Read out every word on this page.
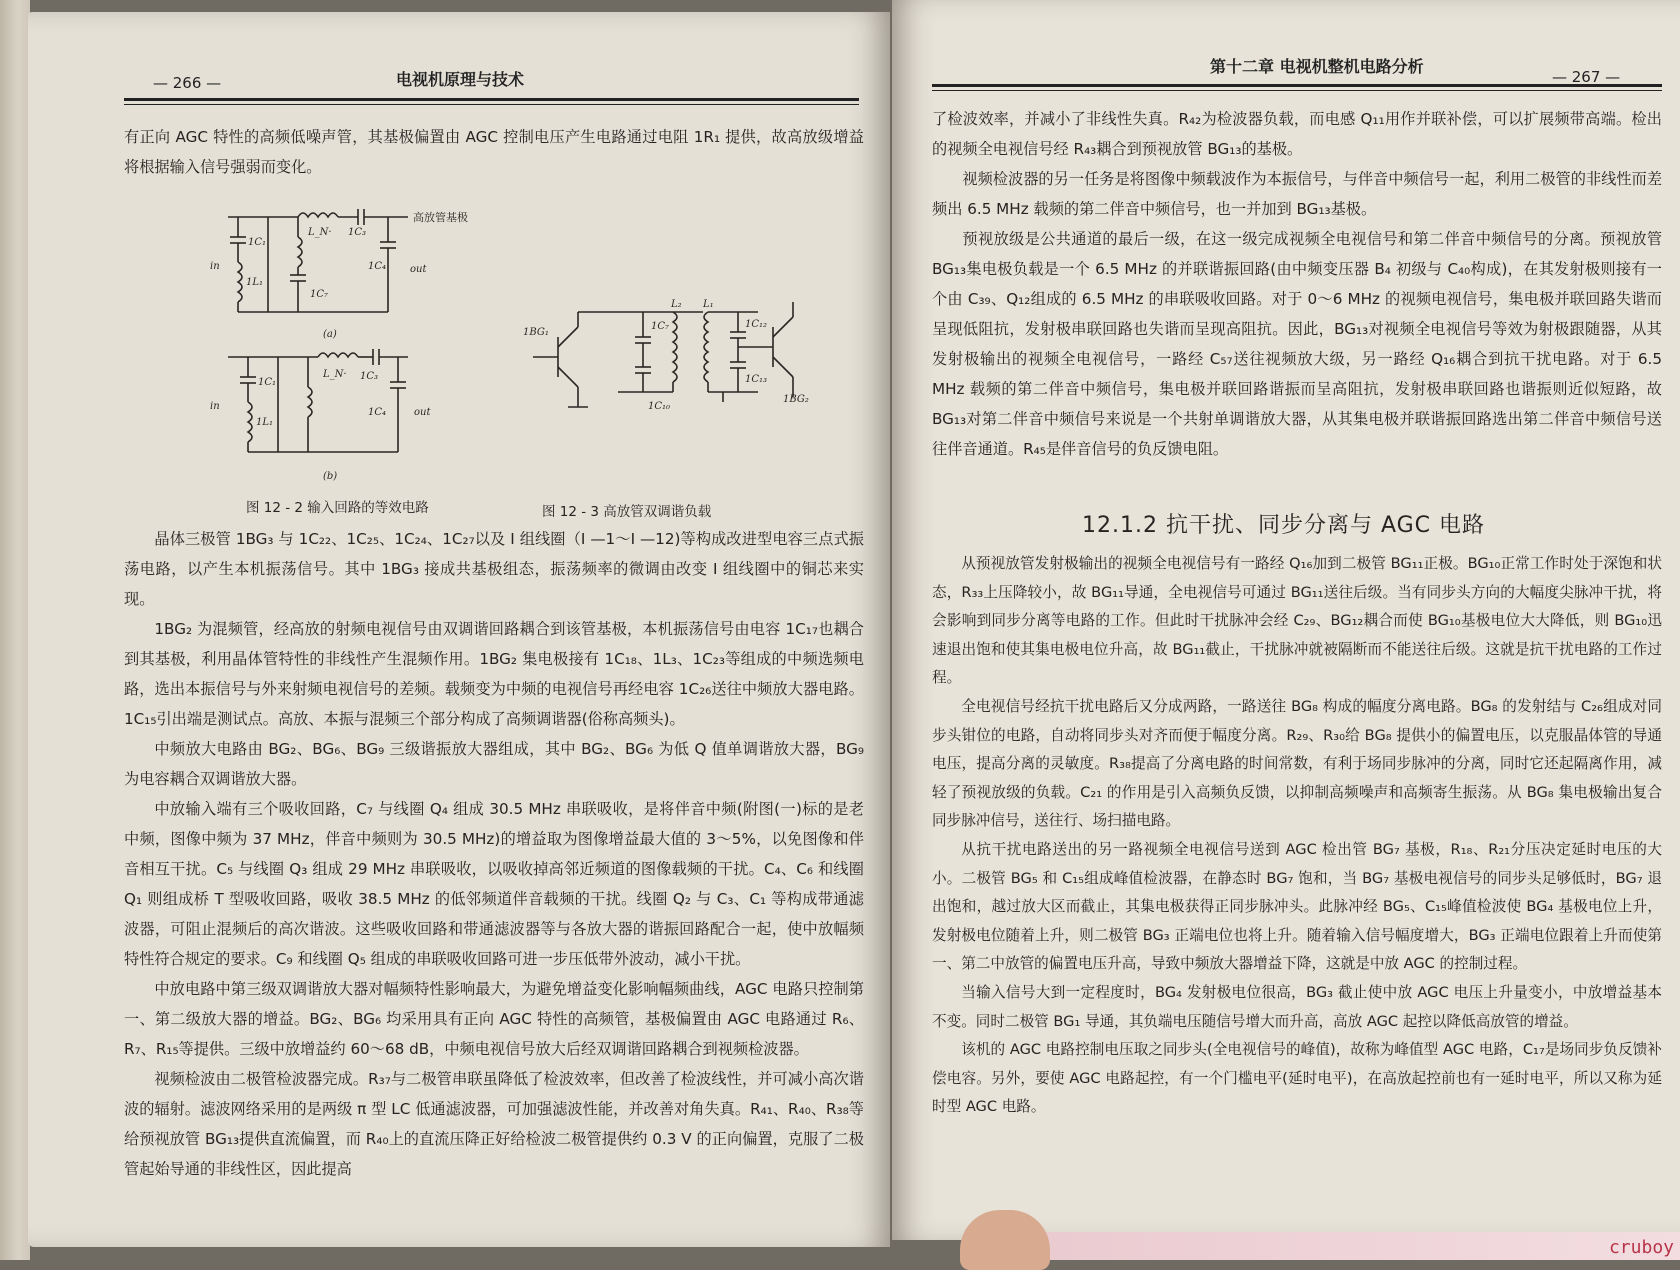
— 266 —	电视机原理与技术

有正向 AGC 特性的高频低噪声管，其基极偏置由 AGC 控制电压产生电路通过电阻 1R₁ 提供，故高放级增益将根据输入信号强弱而变化。

高放管基极
in	out
1C₁
1L₁
L_N· 1C₃
1C₄
1C₇
(a)
in
out
1C₁
1L₁
L_N· 1C₃
1C₄
(b)
1BG₁
1C₇
1C₁₀
L₂ L₁
1C₁₂
1C₁₃
1BG₂
图 12 - 2 输入回路的等效电路	图 12 - 3 高放管双调谐负载

晶体三极管 1BG₃ 与 1C₂₂、1C₂₅、1C₂₄、1C₂₇以及 I 组线圈（I —1～I —12)等构成改进型电容三点式振荡电路，以产生本机振荡信号。其中 1BG₃ 接成共基极组态，振荡频率的微调由改变 I 组线圈中的铜芯来实现。

1BG₂ 为混频管，经高放的射频电视信号由双调谐回路耦合到该管基极，本机振荡信号由电容 1C₁₇也耦合到其基极，利用晶体管特性的非线性产生混频作用。1BG₂ 集电极接有 1C₁₈、1L₃、1C₂₃等组成的中频选频电路，选出本振信号与外来射频电视信号的差频。载频变为中频的电视信号再经电容 1C₂₆送往中频放大器电路。1C₁₅引出端是测试点。高放、本振与混频三个部分构成了高频调谐器(俗称高频头)。

中频放大电路由 BG₂、BG₆、BG₉ 三级谐振放大器组成，其中 BG₂、BG₆ 为低 Q 值单调谐放大器，BG₉ 为电容耦合双调谐放大器。

中放输入端有三个吸收回路，C₇ 与线圈 Q₄ 组成 30.5 MHz 串联吸收，是将伴音中频(附图(一)标的是老中频，图像中频为 37 MHz，伴音中频则为 30.5 MHz)的增益取为图像增益最大值的 3～5%，以免图像和伴音相互干扰。C₅ 与线圈 Q₃ 组成 29 MHz 串联吸收，以吸收掉高邻近频道的图像载频的干扰。C₄、C₆ 和线圈 Q₁ 则组成桥 T 型吸收回路，吸收 38.5 MHz 的低邻频道伴音载频的干扰。线圈 Q₂ 与 C₃、C₁ 等构成带通滤波器，可阻止混频后的高次谐波。这些吸收回路和带通滤波器等与各放大器的谐振回路配合一起，使中放幅频特性符合规定的要求。C₉ 和线圈 Q₅ 组成的串联吸收回路可进一步压低带外波动，减小干扰。

中放电路中第三级双调谐放大器对幅频特性影响最大，为避免增益变化影响幅频曲线，AGC 电路只控制第一、第二级放大器的增益。BG₂、BG₆ 均采用具有正向 AGC 特性的高频管，基极偏置由 AGC 电路通过 R₆、R₇、R₁₅等提供。三级中放增益约 60～68 dB，中频电视信号放大后经双调谐回路耦合到视频检波器。

视频检波由二极管检波器完成。R₃₇与二极管串联虽降低了检波效率，但改善了检波线性，并可减小高次谐波的辐射。滤波网络采用的是两级 π 型 LC 低通滤波器，可加强滤波性能，并改善对角失真。R₄₁、R₄₀、R₃₈等给预视放管 BG₁₃提供直流偏置，而 R₄₀上的直流压降正好给检波二极管提供约 0.3 V 的正向偏置，克服了二极管起始导通的非线性区，因此提高

第十二章 电视机整机电路分析
— 267 —

了检波效率，并减小了非线性失真。R₄₂为检波器负载，而电感 Q₁₁用作并联补偿，可以扩展频带高端。检出的视频全电视信号经 R₄₃耦合到预视放管 BG₁₃的基极。

视频检波器的另一任务是将图像中频载波作为本振信号，与伴音中频信号一起，利用二极管的非线性而差频出 6.5 MHz 载频的第二伴音中频信号，也一并加到 BG₁₃基极。

预视放级是公共通道的最后一级，在这一级完成视频全电视信号和第二伴音中频信号的分离。预视放管 BG₁₃集电极负载是一个 6.5 MHz 的并联谐振回路(由中频变压器 B₄ 初级与 C₄₀构成)，在其发射极则接有一个由 C₃₉、Q₁₂组成的 6.5 MHz 的串联吸收回路。对于 0～6 MHz 的视频电视信号，集电极并联回路失谐而呈现低阻抗，发射极串联回路也失谐而呈现高阻抗。因此，BG₁₃对视频全电视信号等效为射极跟随器，从其发射极输出的视频全电视信号，一路经 C₅₇送往视频放大级，另一路经 Q₁₆耦合到抗干扰电路。对于 6.5 MHz 载频的第二伴音中频信号，集电极并联回路谐振而呈高阻抗，发射极串联回路也谐振则近似短路，故 BG₁₃对第二伴音中频信号来说是一个共射单调谐放大器，从其集电极并联谐振回路选出第二伴音中频信号送往伴音通道。R₄₅是伴音信号的负反馈电阻。

12.1.2 抗干扰、同步分离与 AGC 电路

从预视放管发射极输出的视频全电视信号有一路经 Q₁₆加到二极管 BG₁₁正极。BG₁₀正常工作时处于深饱和状态，R₃₃上压降较小，故 BG₁₁导通，全电视信号可通过 BG₁₁送往后级。当有同步头方向的大幅度尖脉冲干扰，将会影响到同步分离等电路的工作。但此时干扰脉冲会经 C₂₉、BG₁₂耦合而使 BG₁₀基极电位大大降低，则 BG₁₀迅速退出饱和使其集电极电位升高，故 BG₁₁截止，干扰脉冲就被隔断而不能送往后级。这就是抗干扰电路的工作过程。

全电视信号经抗干扰电路后又分成两路，一路送往 BG₈ 构成的幅度分离电路。BG₈ 的发射结与 C₂₆组成对同步头钳位的电路，自动将同步头对齐而便于幅度分离。R₂₉、R₃₀给 BG₈ 提供小的偏置电压，以克服晶体管的导通电压，提高分离的灵敏度。R₃₈提高了分离电路的时间常数，有利于场同步脉冲的分离，同时它还起隔离作用，减轻了预视放级的负载。C₂₁ 的作用是引入高频负反馈，以抑制高频噪声和高频寄生振荡。从 BG₈ 集电极输出复合同步脉冲信号，送往行、场扫描电路。

从抗干扰电路送出的另一路视频全电视信号送到 AGC 检出管 BG₇ 基极，R₁₈、R₂₁分压决定延时电压的大小。二极管 BG₅ 和 C₁₅组成峰值检波器，在静态时 BG₇ 饱和，当 BG₇ 基极电视信号的同步头足够低时，BG₇ 退出饱和，越过放大区而截止，其集电极获得正同步脉冲头。此脉冲经 BG₅、C₁₅峰值检波使 BG₄ 基极电位上升，发射极电位随着上升，则二极管 BG₃ 正端电位也将上升。随着输入信号幅度增大，BG₃ 正端电位跟着上升而使第一、第二中放管的偏置电压升高，导致中频放大器增益下降，这就是中放 AGC 的控制过程。

当输入信号大到一定程度时，BG₄ 发射极电位很高，BG₃ 截止使中放 AGC 电压上升量变小，中放增益基本不变。同时二极管 BG₁ 导通，其负端电压随信号增大而升高，高放 AGC 起控以降低高放管的增益。

该机的 AGC 电路控制电压取之同步头(全电视信号的峰值)，故称为峰值型 AGC 电路，C₁₇是场同步负反馈补偿电容。另外，要使 AGC 电路起控，有一个门槛电平(延时电平)，在高放起控前也有一延时电平，所以又称为延时型 AGC 电路。

cruboy
